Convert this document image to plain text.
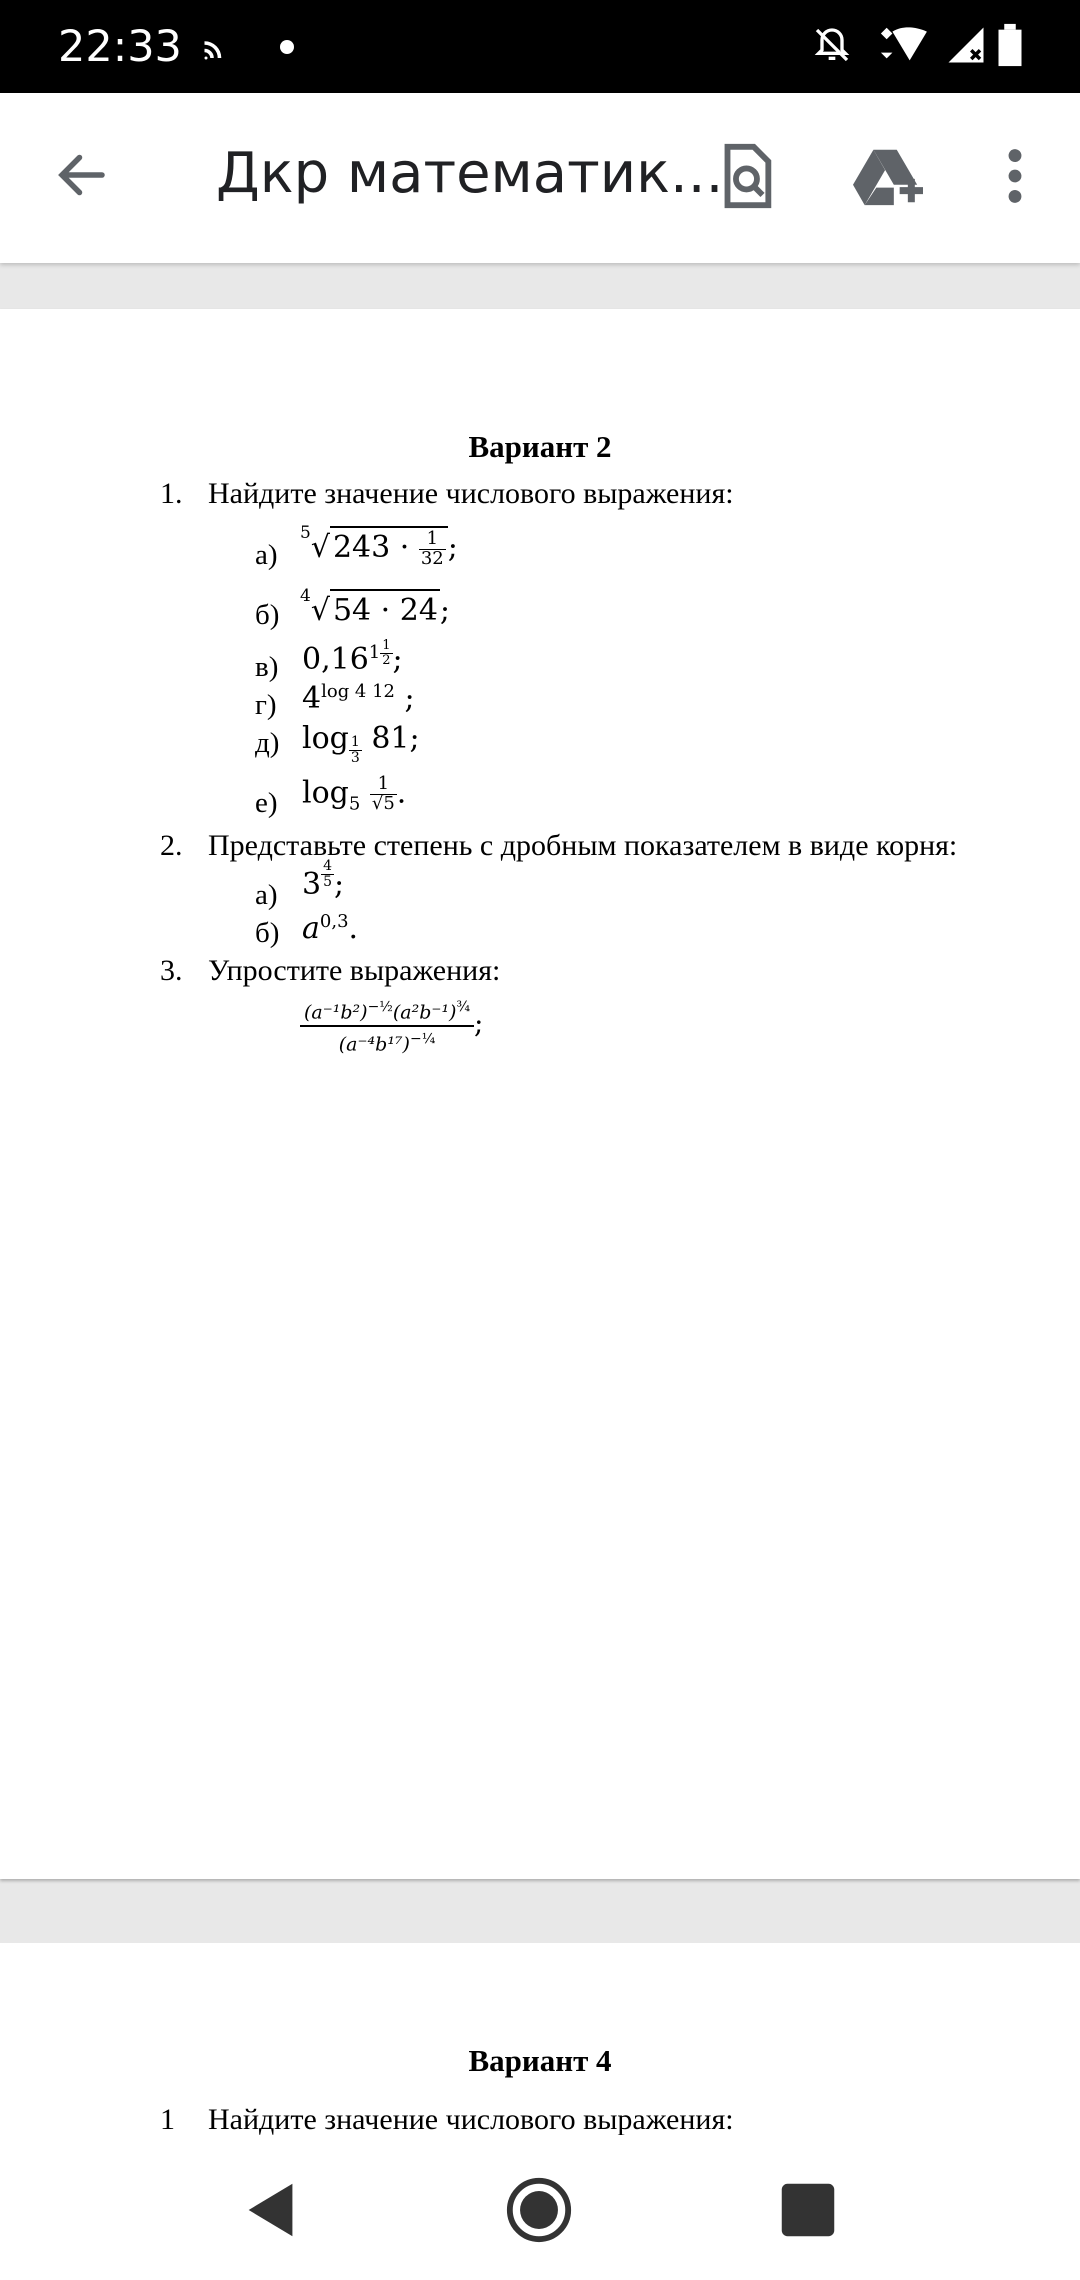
22:33
Дкр математик...
Вариант 2
1. Найдите значение числового выражения:
а)
$^5$√ $243 \cdot \frac{1}{32}$ ;
б)
$^4$√ 54 · 24;
в) $0,16^{1 \frac{1}{2}}$ ;
г) $4^{log 4 12}$ ;
д) $\log \frac{1}{3} 81$;
е) $\log_5 \frac{1}{√5}$ .
2. Представьте степень с дробным показателем в виде корня:
а) $3 \frac{4}{5}$ ;
б) $a^{0,3}$.
3. Упростите выражения:
$\frac{(a^{-1}b^2)^{-\frac{1}{2}}(a^2b^{-1})^{\frac{3}{4}}}{(a^{-4}b^{17})^{-\frac{1}{4}}}$ ;
Вариант 4
1 Найдите значение числового выражения:
